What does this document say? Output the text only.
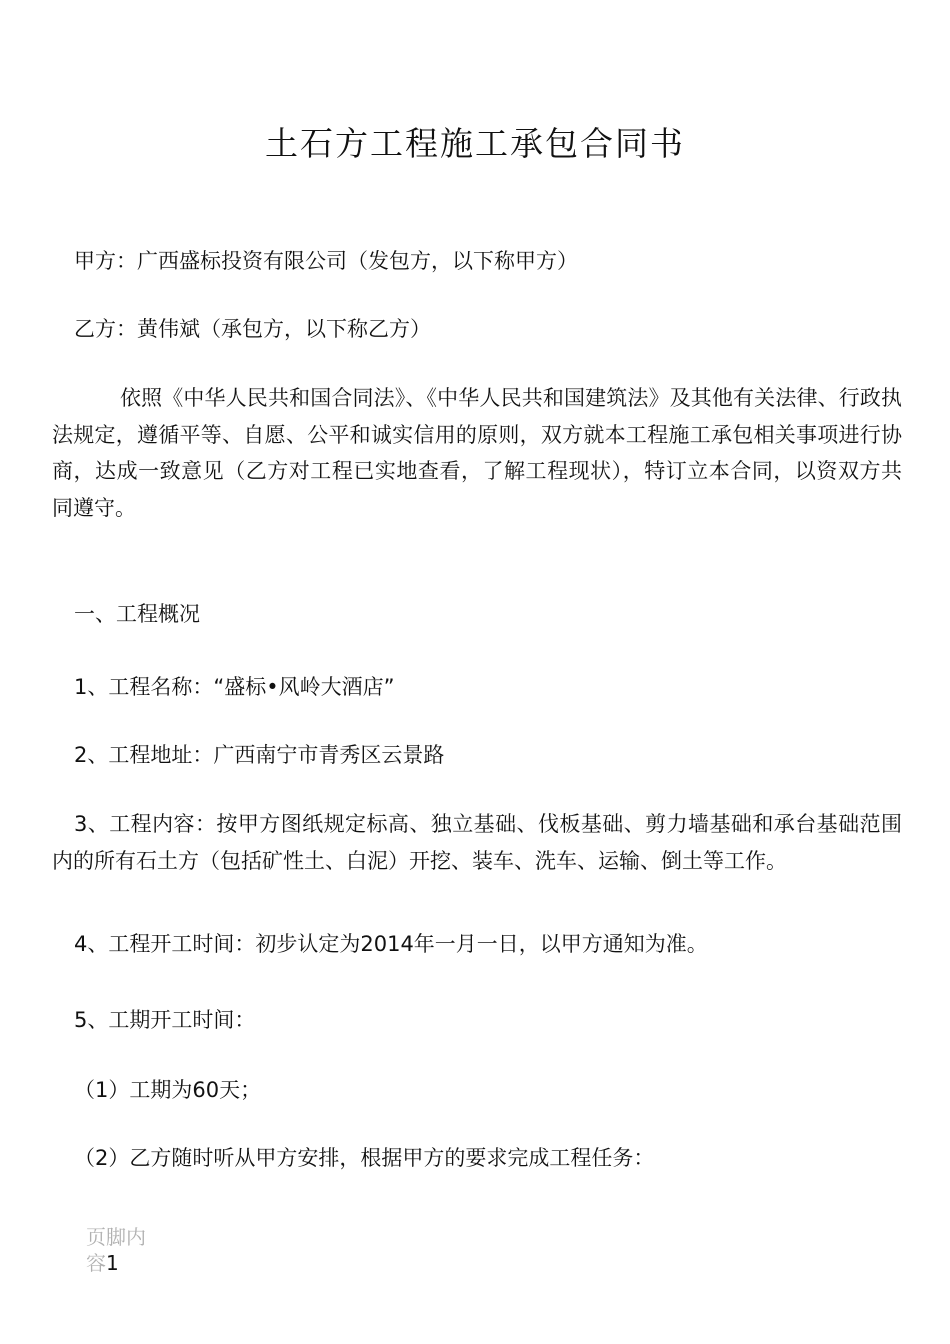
土石方工程施工承包合同书
甲方：广西盛标投资有限公司（发包方，以下称甲方）
乙方：黄伟斌（承包方，以下称乙方）
依照《中华人民共和国合同法》、《中华人民共和国建筑法》及其他有关法律、行政执法规定，遵循平等、自愿、公平和诚实信用的原则，双方就本工程施工承包相关事项进行协商，达成一致意见（乙方对工程已实地查看，了解工程现状），特订立本合同，以资双方共同遵守。
一、工程概况
1、工程名称：“盛标•风岭大酒店”
2、工程地址：广西南宁市青秀区云景路
3、工程内容：按甲方图纸规定标高、独立基础、伐板基础、剪力墙基础和承台基础范围内的所有石土方（包括矿性土、白泥）开挖、装车、洗车、运输、倒土等工作。
4、工程开工时间：初步认定为2014年一月一日，以甲方通知为准。
5、工期开工时间：
（1）工期为60天；
（2）乙方随时听从甲方安排，根据甲方的要求完成工程任务：
页脚内容1
